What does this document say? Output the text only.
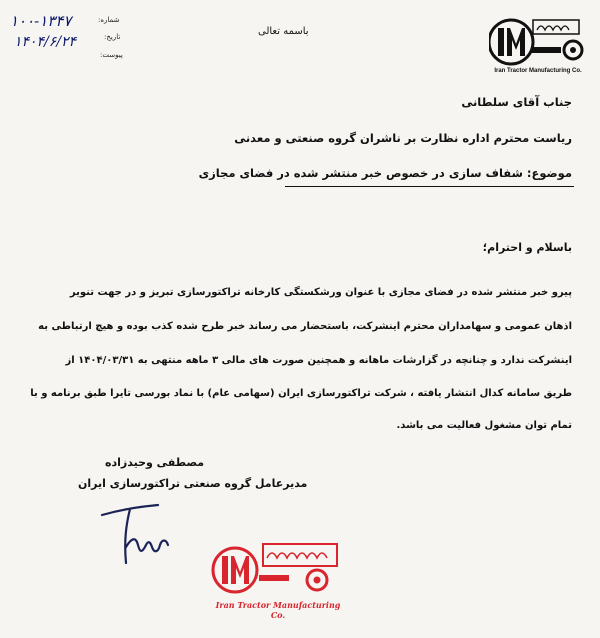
شماره:
تاریخ:
پیوست:
۱۰۰-۱۳۴۷
۱۴۰۴/۶/۲۴
باسمه تعالی
Iran Tractor Manufacturing Co.
جناب آقای سلطانی
ریاست محترم اداره نظارت بر ناشران گروه صنعتی و معدنی
موضوع: شفاف سازی در خصوص خبر منتشر شده در فضای مجازی
باسلام و احترام؛
پیرو خبر منتشر شده در فضای مجازی با عنوان ورشکستگی کارخانه تراکتورسازی تبریز و در جهت تنویر
اذهان عمومی و سهامداران محترم اینشرکت، باستحضار می رساند خبر طرح شده کذب بوده و هیچ ارتباطی به
اینشرکت ندارد و چنانچه در گزارشات ماهانه و همچنین صورت های مالی ۳ ماهه منتهی به ۱۴۰۴/۰۳/۳۱ از
طریق سامانه کدال انتشار یافته ، شرکت تراکتورسازی ایران (سهامی عام) با نماد بورسی تایرا طبق برنامه و با
تمام توان مشغول فعالیت می باشد.
مصطفی وحیدزاده
مدیرعامل گروه صنعتی تراکتورسازی ایران
Iran Tractor Manufacturing Co.
